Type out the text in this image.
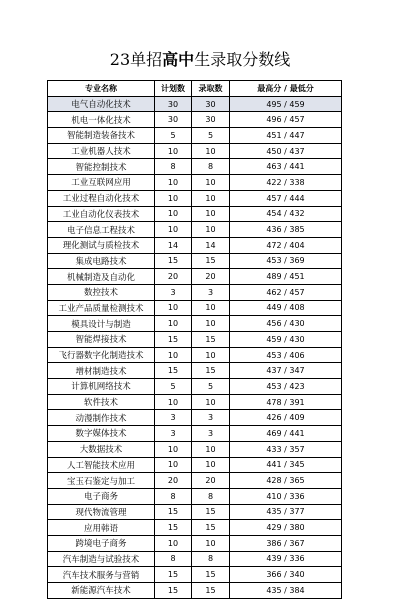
23单招高中生录取分数线
专业名称	计划数	录取数	最高分 / 最低分
电气自动化技术	30	30	495 / 459
机电一体化技术	30	30	496 / 457
智能制造装备技术	5	5	451 / 447
工业机器人技术	10	10	450 / 437
智能控制技术	8	8	463 / 441
工业互联网应用	10	10	422 / 338
工业过程自动化技术	10	10	457 / 444
工业自动化仪表技术	10	10	454 / 432
电子信息工程技术	10	10	436 / 385
理化测试与质检技术	14	14	472 / 404
集成电路技术	15	15	453 / 369
机械制造及自动化	20	20	489 / 451
数控技术	3	3	462 / 457
工业产品质量检测技术	10	10	449 / 408
模具设计与制造	10	10	456 / 430
智能焊接技术	15	15	459 / 430
飞行器数字化制造技术	10	10	453 / 406
增材制造技术	15	15	437 / 347
计算机网络技术	5	5	453 / 423
软件技术	10	10	478 / 391
动漫制作技术	3	3	426 / 409
数字媒体技术	3	3	469 / 441
大数据技术	10	10	433 / 357
人工智能技术应用	10	10	441 / 345
宝玉石鉴定与加工	20	20	428 / 365
电子商务	8	8	410 / 336
现代物流管理	15	15	435 / 377
应用韩语	15	15	429 / 380
跨境电子商务	10	10	386 / 367
汽车制造与试验技术	8	8	439 / 336
汽车技术服务与营销	15	15	366 / 340
新能源汽车技术	15	15	435 / 384
